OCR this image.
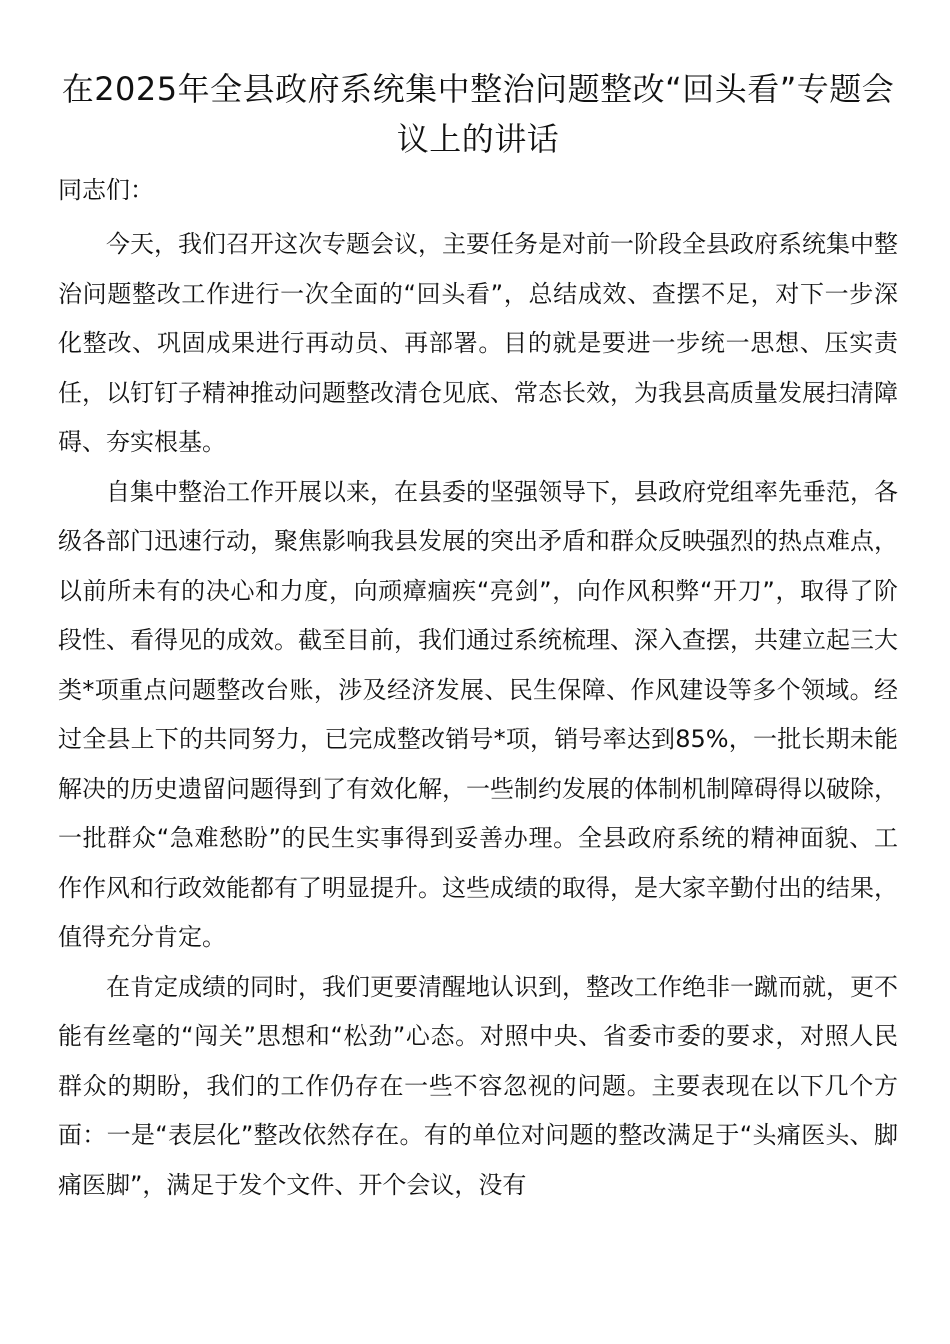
在2025年全县政府系统集中整治问题整改“回头看”专题会议上的讲话

同志们：

今天，我们召开这次专题会议，主要任务是对前一阶段全县政府系统集中整治问题整改工作进行一次全面的“回头看”，总结成效、查摆不足，对下一步深化整改、巩固成果进行再动员、再部署。目的就是要进一步统一思想、压实责任，以钉钉子精神推动问题整改清仓见底、常态长效，为我县高质量发展扫清障碍、夯实根基。

自集中整治工作开展以来，在县委的坚强领导下，县政府党组率先垂范，各级各部门迅速行动，聚焦影响我县发展的突出矛盾和群众反映强烈的热点难点，以前所未有的决心和力度，向顽瘴痼疾“亮剑”，向作风积弊“开刀”，取得了阶段性、看得见的成效。截至目前，我们通过系统梳理、深入查摆，共建立起三大类*项重点问题整改台账，涉及经济发展、民生保障、作风建设等多个领域。经过全县上下的共同努力，已完成整改销号*项，销号率达到85%，一批长期未能解决的历史遗留问题得到了有效化解，一些制约发展的体制机制障碍得以破除，一批群众“急难愁盼”的民生实事得到妥善办理。全县政府系统的精神面貌、工作作风和行政效能都有了明显提升。这些成绩的取得，是大家辛勤付出的结果，值得充分肯定。

在肯定成绩的同时，我们更要清醒地认识到，整改工作绝非一蹴而就，更不能有丝毫的“闯关”思想和“松劲”心态。对照中央、省委市委的要求，对照人民群众的期盼，我们的工作仍存在一些不容忽视的问题。主要表现在以下几个方面：一是“表层化”整改依然存在。有的单位对问题的整改满足于“头痛医头、脚痛医脚”，满足于发个文件、开个会议，没有
